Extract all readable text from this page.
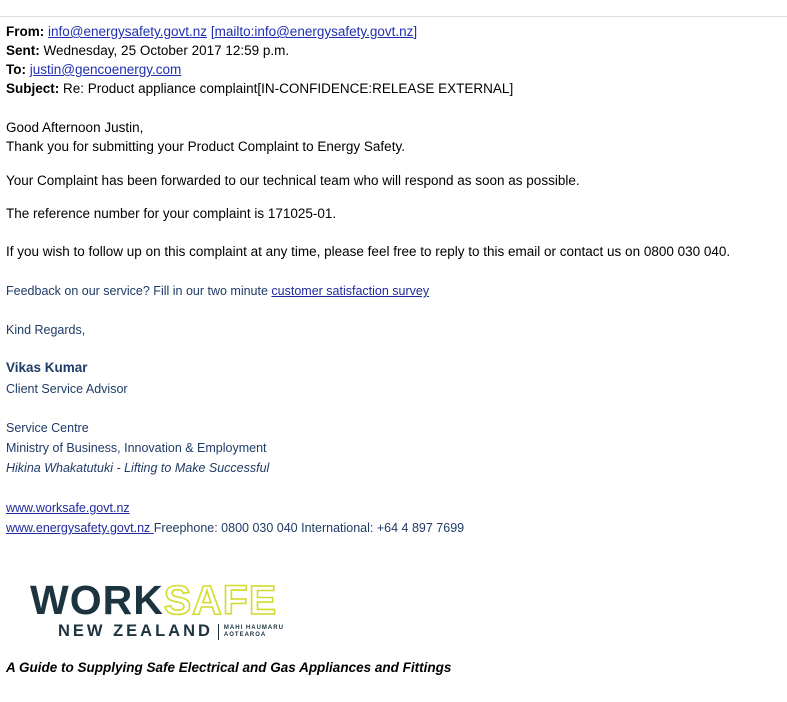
From: info@energysafety.govt.nz [mailto:info@energysafety.govt.nz]
Sent: Wednesday, 25 October 2017 12:59 p.m.
To: justin@gencoenergy.com
Subject: Re: Product appliance complaint[IN-CONFIDENCE:RELEASE EXTERNAL]
Good Afternoon Justin,
Thank you for submitting your Product Complaint to Energy Safety.
Your Complaint has been forwarded to our technical team who will respond as soon as possible.
The reference number for your complaint is 171025-01.
If you wish to follow up on this complaint at any time, please feel free to reply to this email or contact us on 0800 030 040.
Feedback on our service? Fill in our two minute customer satisfaction survey
Kind Regards,
Vikas Kumar
Client Service Advisor
Service Centre
Ministry of Business, Innovation & Employment
Hikina Whakatutuki - Lifting to Make Successful
www.worksafe.govt.nz
www.energysafety.govt.nz Freephone: 0800 030 040 International: +64 4 897 7699
WORKSAFE
NEW ZEALAND MAHI HAUMARU
AOTEAROA
A Guide to Supplying Safe Electrical and Gas Appliances and Fittings
